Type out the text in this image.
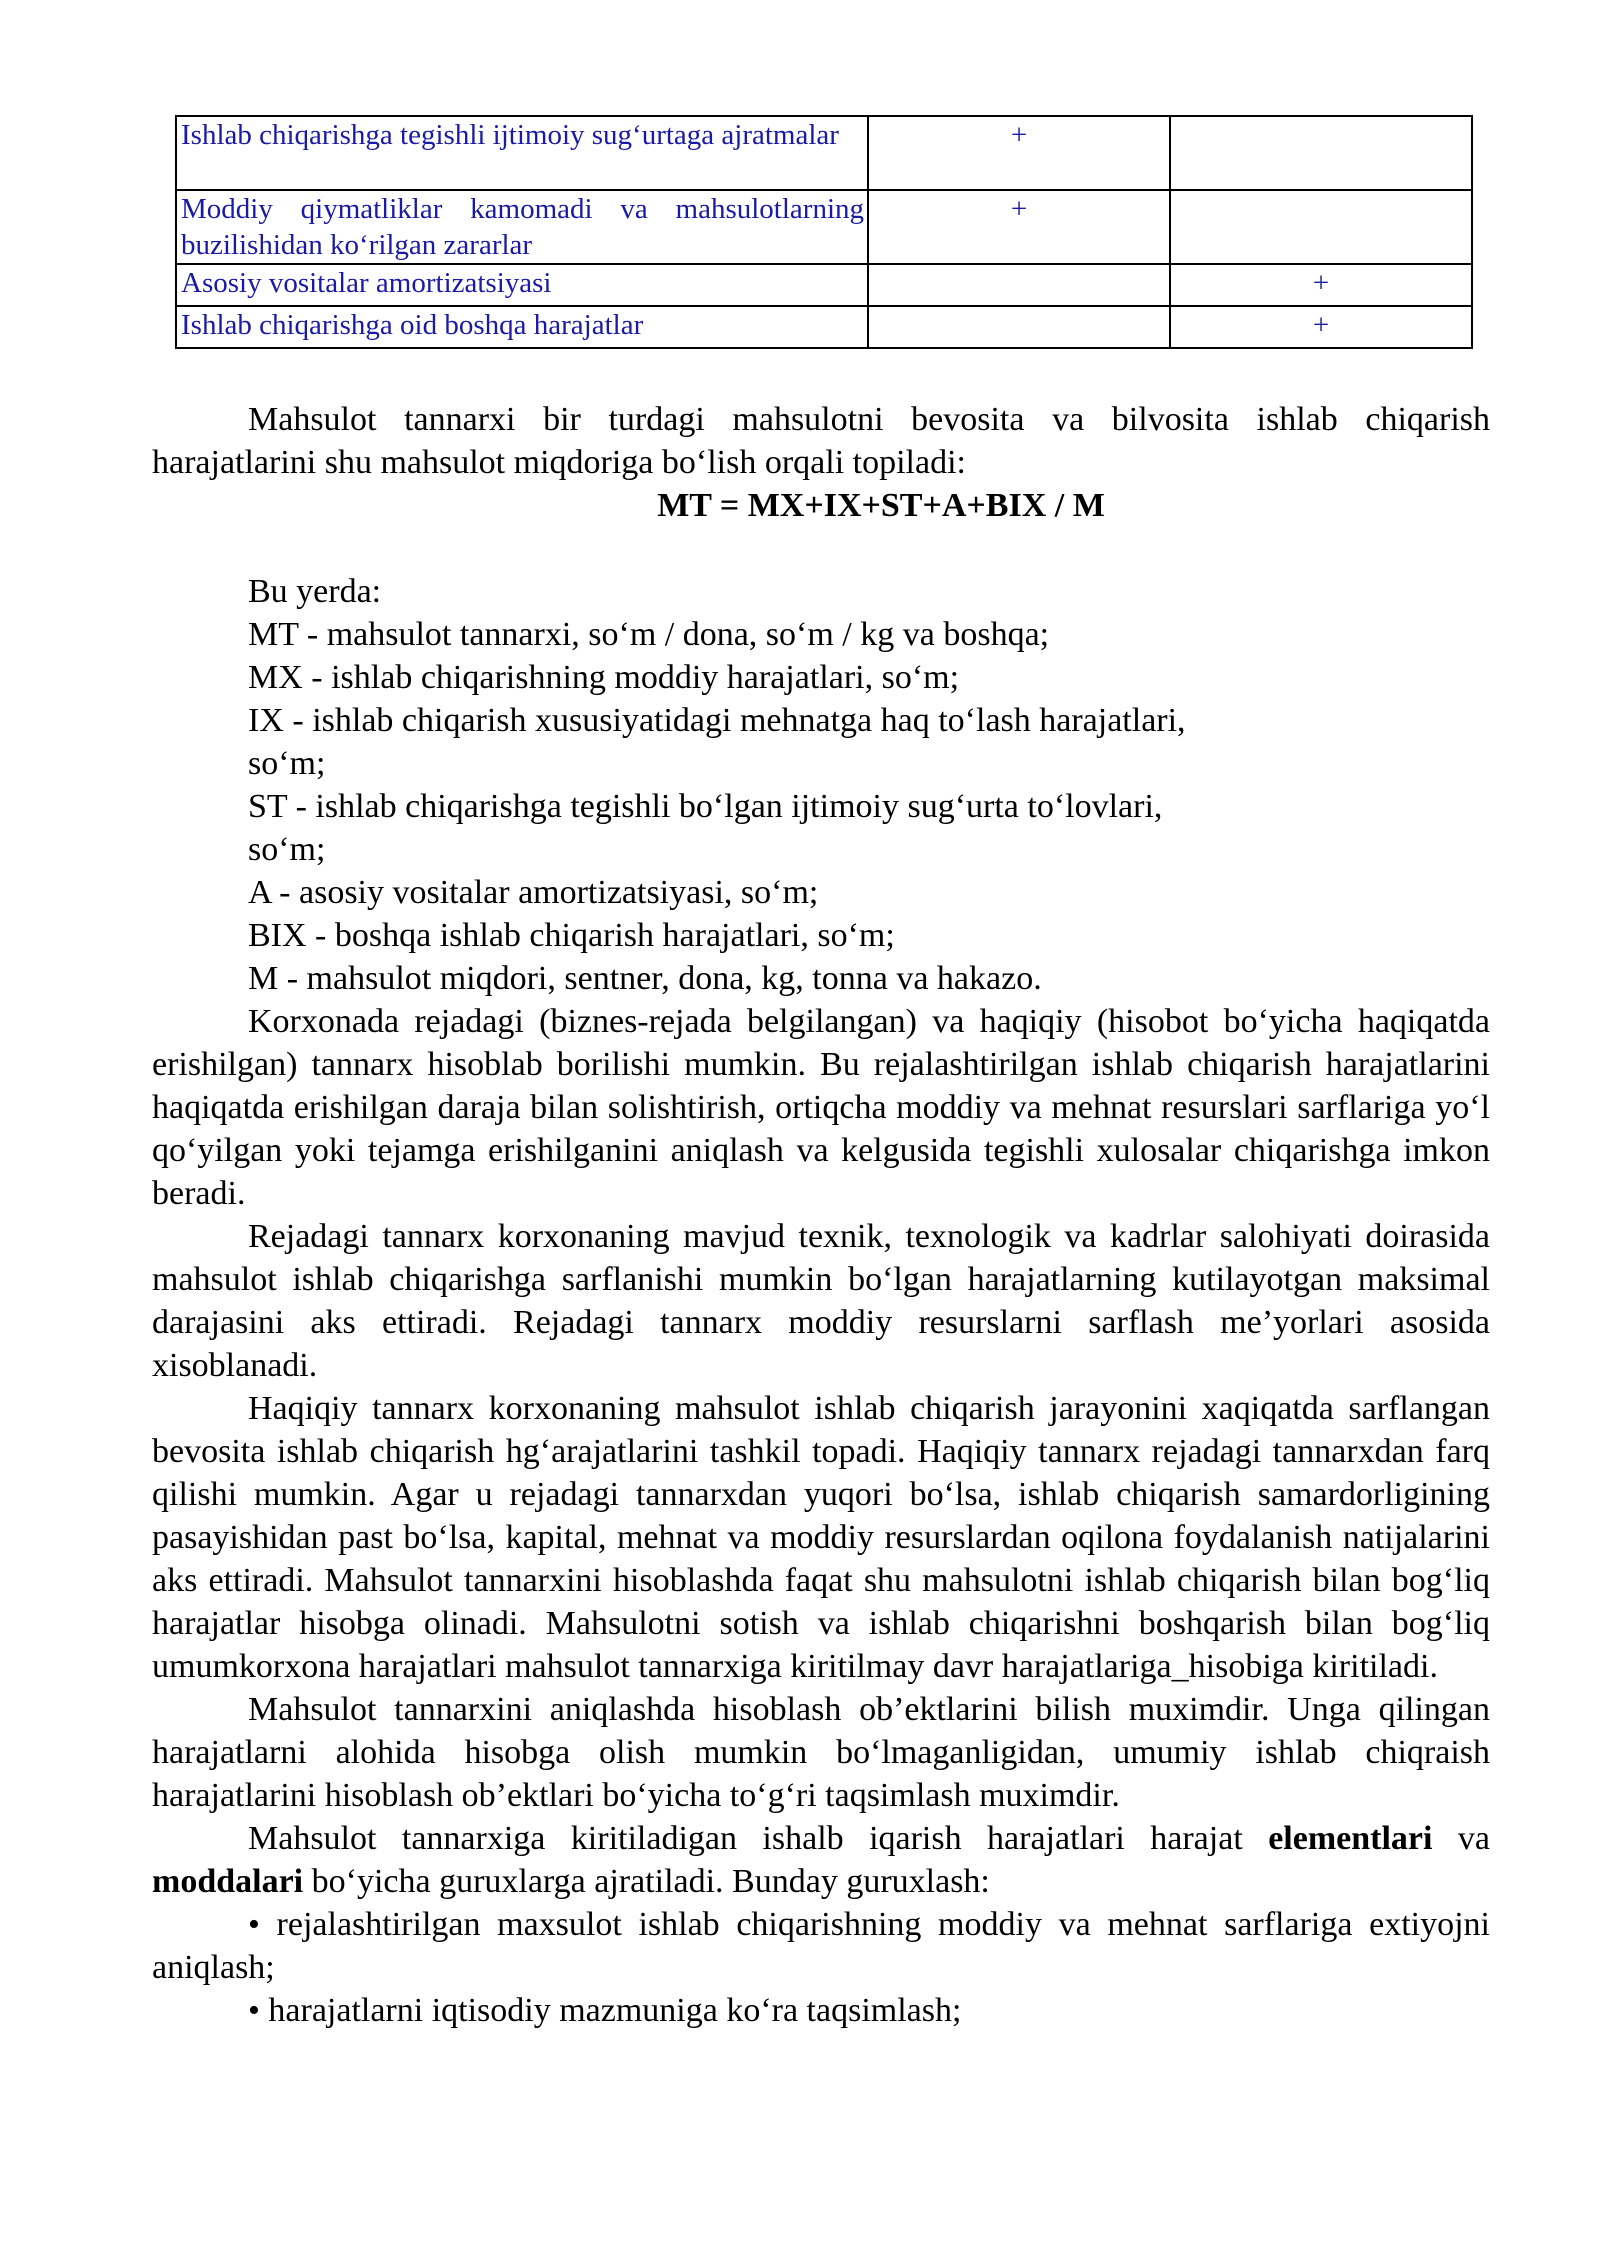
Ishlab chiqarishga tegishli ijtimoiy sug‘urtaga ajratmalar	+	
Moddiy qiymatliklar kamomadi va mahsulotlarning buzilishidan ko‘rilgan zararlar	+	
Asosiy vositalar amortizatsiyasi		+
Ishlab chiqarishga oid boshqa harajatlar		+

Mahsulot tannarxi bir turdagi mahsulotni bevosita va bilvosita ishlab chiqarish harajatlarini shu mahsulot miqdoriga bo‘lish orqali topiladi:

MT = MX+IX+ST+A+BIX / M

Bu yerda:

MT - mahsulot tannarxi, so‘m / dona, so‘m / kg va boshqa;

MX - ishlab chiqarishning moddiy harajatlari, so‘m;

IX - ishlab chiqarish xususiyatidagi mehnatga haq to‘lash harajatlari, so‘m;

ST - ishlab chiqarishga tegishli bo‘lgan ijtimoiy sug‘urta to‘lovlari, so‘m;

A - asosiy vositalar amortizatsiyasi, so‘m;

BIX - boshqa ishlab chiqarish harajatlari, so‘m;

M - mahsulot miqdori, sentner, dona, kg, tonna va hakazo.

Korxonada rejadagi (biznes-rejada belgilangan) va haqiqiy (hisobot bo‘yicha haqiqatda erishilgan) tannarx hisoblab borilishi mumkin. Bu rejalashtirilgan ishlab chiqarish harajatlarini haqiqatda erishilgan daraja bilan solishtirish, ortiqcha moddiy va mehnat resurslari sarflariga yo‘l qo‘yilgan yoki tejamga erishilganini aniqlash va kelgusida tegishli xulosalar chiqarishga imkon beradi.

Rejadagi tannarx korxonaning mavjud texnik, texnologik va kadrlar salohiyati doirasida mahsulot ishlab chiqarishga sarflanishi mumkin bo‘lgan harajatlarning kutilayotgan maksimal darajasini aks ettiradi. Rejadagi tannarx moddiy resurslarni sarflash me’yorlari asosida xisoblanadi.

Haqiqiy tannarx korxonaning mahsulot ishlab chiqarish jarayonini xaqiqatda sarflangan bevosita ishlab chiqarish hg‘arajatlarini tashkil topadi. Haqiqiy tannarx rejadagi tannarxdan farq qilishi mumkin. Agar u rejadagi tannarxdan yuqori bo‘lsa, ishlab chiqarish samardorligining pasayishidan past bo‘lsa, kapital, mehnat va moddiy resurslardan oqilona foydalanish natijalarini aks ettiradi. Mahsulot tannarxini hisoblashda faqat shu mahsulotni ishlab chiqarish bilan bog‘liq harajatlar hisobga olinadi. Mahsulotni sotish va ishlab chiqarishni boshqarish bilan bog‘liq umumkorxona harajatlari mahsulot tannarxiga kiritilmay davr harajatlariga_hisobiga kiritiladi.

Mahsulot tannarxini aniqlashda hisoblash ob’ektlarini bilish muximdir. Unga qilingan harajatlarni alohida hisobga olish mumkin bo‘lmaganligidan, umumiy ishlab chiqraish harajatlarini hisoblash ob’ektlari bo‘yicha to‘g‘ri taqsimlash muximdir.

Mahsulot tannarxiga kiritiladigan ishalb iqarish harajatlari harajat elementlari va moddalari bo‘yicha guruxlarga ajratiladi. Bunday guruxlash:

• rejalashtirilgan maxsulot ishlab chiqarishning moddiy va mehnat sarflariga extiyojni aniqlash;

• harajatlarni iqtisodiy mazmuniga ko‘ra taqsimlash;
